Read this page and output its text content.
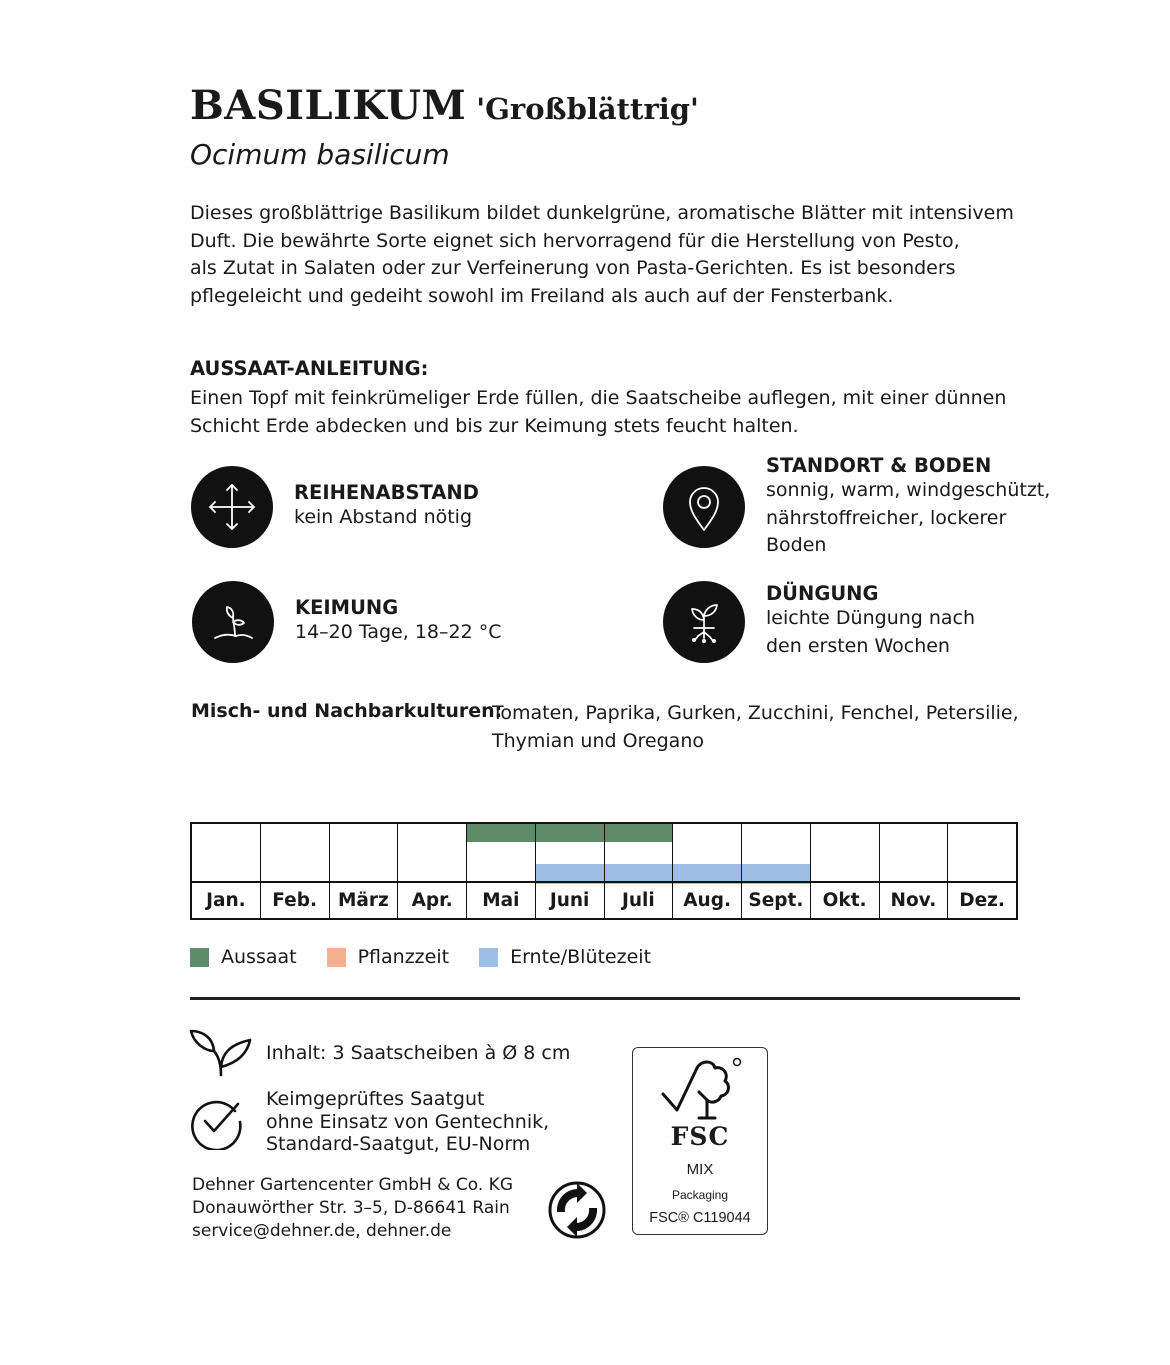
BASILIKUM 'Großblättrig'
Ocimum basilicum
Dieses großblättrige Basilikum bildet dunkelgrüne, aromatische Blätter mit intensivem
Duft. Die bewährte Sorte eignet sich hervorragend für die Herstellung von Pesto,
als Zutat in Salaten oder zur Verfeinerung von Pasta-Gerichten. Es ist besonders
pflegeleicht und gedeiht sowohl im Freiland als auch auf der Fensterbank.
AUSSAAT-ANLEITUNG:
Einen Topf mit feinkrümeliger Erde füllen, die Saatscheibe auflegen, mit einer dünnen
Schicht Erde abdecken und bis zur Keimung stets feucht halten.
REIHENABSTAND
kein Abstand nötig
STANDORT & BODEN
sonnig, warm, windgeschützt,
nährstoffreicher, lockerer
Boden
KEIMUNG
14–20 Tage, 18–22 °C
DÜNGUNG
leichte Düngung nach
den ersten Wochen
Misch- und Nachbarkulturen:
Tomaten, Paprika, Gurken, Zucchini, Fenchel, Petersilie,
Thymian und Oregano
Jan.	Feb.	März	Apr.	Mai	Juni	Juli	Aug. Sept.	Okt.	Nov.	Dez.
Aussaat	Pflanzzeit	Ernte/Blütezeit
Inhalt: 3 Saatscheiben à Ø 8 cm
Keimgeprüftes Saatgut
ohne Einsatz von Gentechnik,
Standard-Saatgut, EU-Norm
Dehner Gartencenter GmbH & Co. KG
Donauwörther Str. 3–5, D-86641 Rain
service@dehner.de, dehner.de
FSC
MIX
Packaging
FSC® C119044
